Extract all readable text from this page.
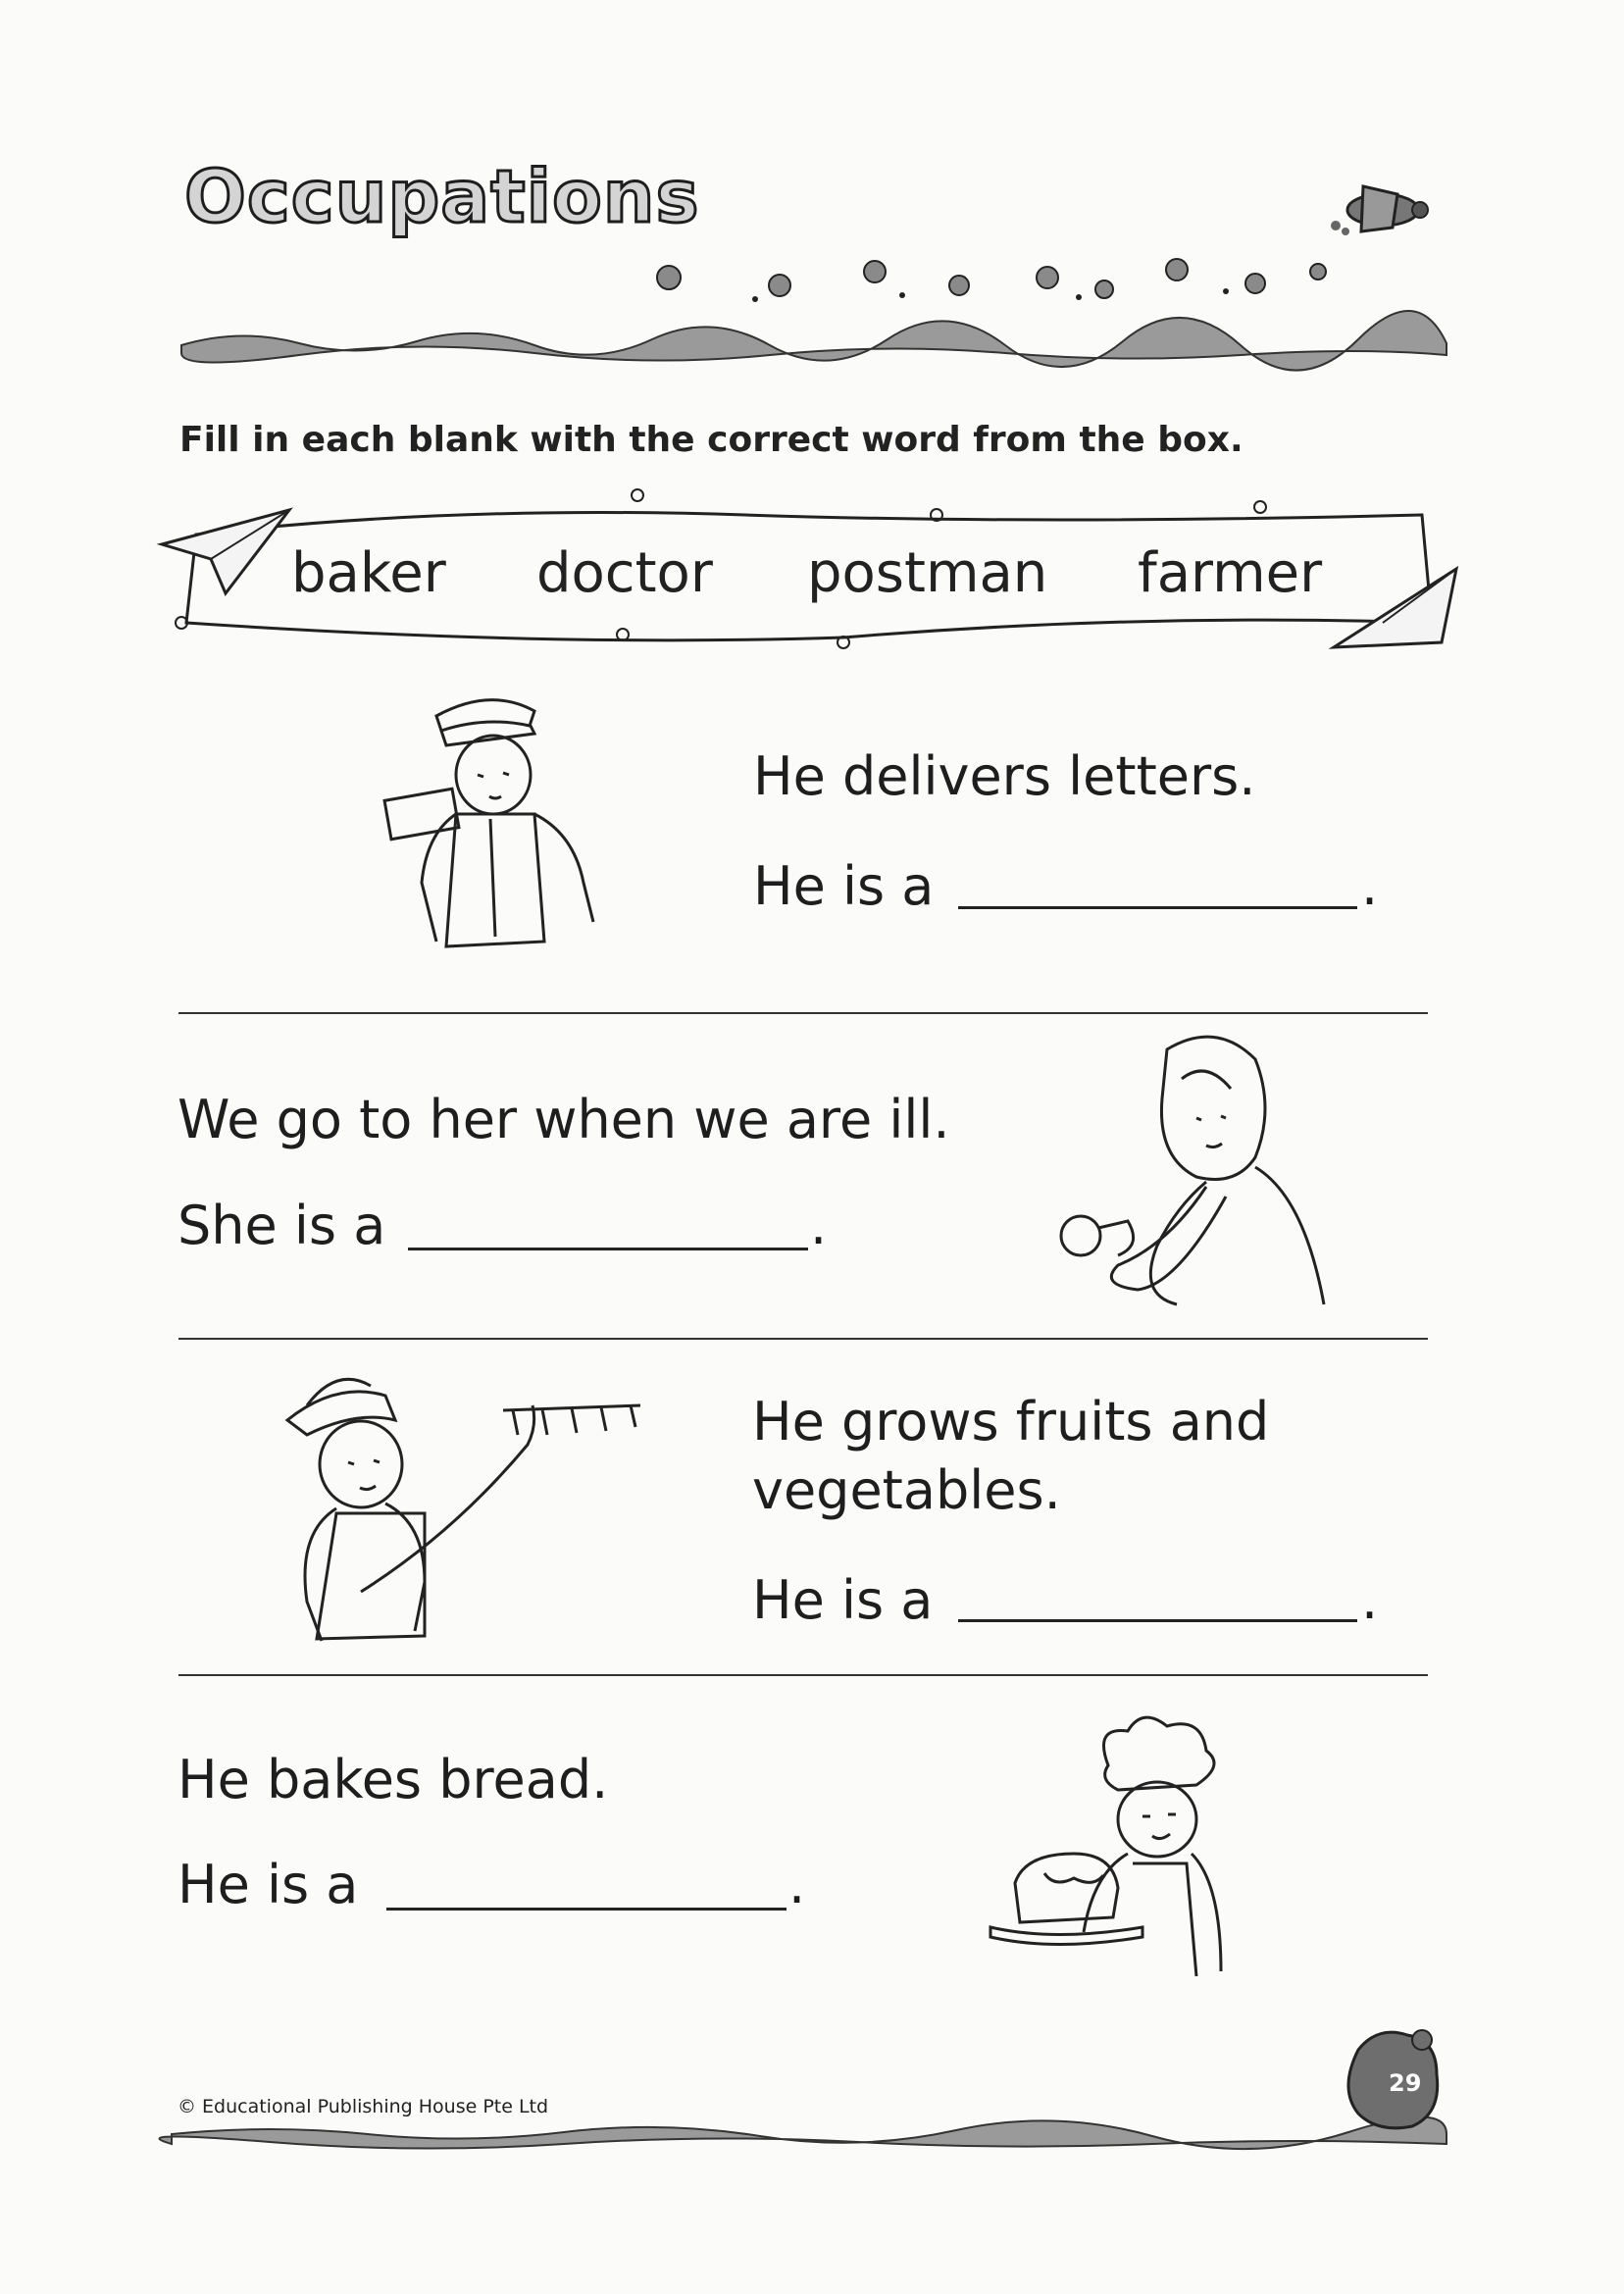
Occupations
Fill in each blank with the correct word from the box.
baker doctor postman farmer
He delivers letters.
He is a	.
We go to her when we are ill.
She is a	.
He grows fruits and
vegetables.
He is a	.
He bakes bread.
He is a	.
© Educational Publishing House Pte Ltd
29
